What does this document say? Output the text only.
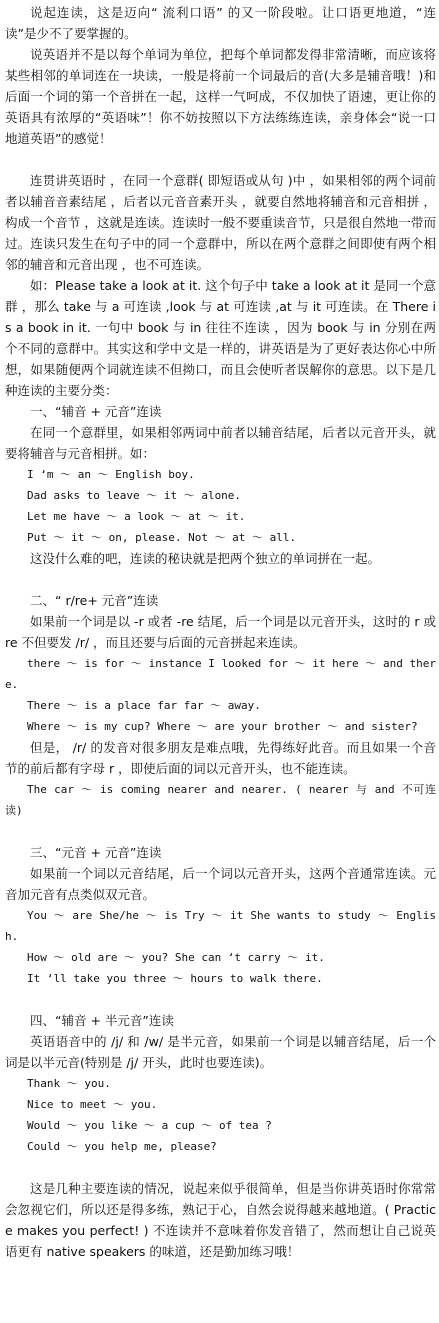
说起连读，这是迈向“ 流利口语” 的又一阶段啦。让口语更地道，“连读”是少不了要掌握的。

说英语并不是以每个单词为单位，把每个单词都发得非常清晰，而应该将某些相邻的单词连在一块读，一般是将前一个词最后的音(大多是辅音哦！)和后面一个词的第一个音拼在一起，这样一气呵成，不仅加快了语速，更让你的英语具有浓厚的“英语味”！你不妨按照以下方法练练连读，亲身体会“说一口地道英语”的感觉！

连贯讲英语时 ，在同一个意群( 即短语或从句 )中 ，如果相邻的两个词前者以辅音音素结尾 ，后者以元音音素开头 ，就要自然地将辅音和元音相拼 ，构成一个音节 ，这就是连读。连读时一般不要重读音节，只是很自然地一带而过。连读只发生在句子中的同一个意群中，所以在两个意群之间即使有两个相邻的辅音和元音出现 ，也不可连读。

如：Please take a look at it. 这个句子中 take a look at it 是同一个意群 ，那么 take 与 a 可连读 ,look 与 at 可连读 ,at 与 it 可连读。在 There is a book in it. 一句中 book 与 in 往往不连读 ，因为 book 与 in 分别在两个不同的意群中。其实这和学中文是一样的，讲英语是为了更好表达你心中所想，如果随便两个词就连读不但拗口，而且会使听者误解你的意思。以下是几种连读的主要分类：

一、“辅音 + 元音”连读

在同一个意群里，如果相邻两词中前者以辅音结尾，后者以元音开头，就要将辅音与元音相拼。如：

I ‘m ～ an ～ English boy.

Dad asks to leave ～ it ～ alone.

Let me have ～ a look ～ at ～ it.

Put ～ it ～ on, please. Not ～ at ～ all.

这没什么难的吧，连读的秘诀就是把两个独立的单词拼在一起。

二、“ r/re+ 元音”连读

如果前一个词是以 -r 或者 -re 结尾，后一个词是以元音开头，这时的 r 或 re 不但要发 /r/ ，而且还要与后面的元音拼起来连读。

there ～ is for ～ instance I looked for ～ it here ～ and there.

There ～ is a place far far ～ away.

Where ～ is my cup? Where ～ are your brother ～ and sister?

但是， /r/ 的发音对很多朋友是难点哦，先得练好此音。而且如果一个音节的前后都有字母 r ，即使后面的词以元音开头，也不能连读。

The car ～ is coming nearer and nearer. ( nearer 与 and 不可连读)

三、“元音 + 元音”连读

如果前一个词以元音结尾，后一个词以元音开头，这两个音通常连读。元音加元音有点类似双元音。

You ～ are She/he ～ is Try ～ it She wants to study ～ English.

How ～ old are ～ you? She can ‘t carry ～ it.

It ‘ll take you three ～ hours to walk there.

四、“辅音 + 半元音”连读

英语语音中的 /j/ 和 /w/ 是半元音，如果前一个词是以辅音结尾，后一个词是以半元音(特别是 /j/ 开头，此时也要连读)。

Thank ～ you.

Nice to meet ～ you.

Would ～ you like ～ a cup ～ of tea ?

Could ～ you help me, please?

这是几种主要连读的情况，说起来似乎很简单，但是当你讲英语时你常常会忽视它们，所以还是得多练，熟记于心，自然会说得越来越地道。( Practice makes you perfect! ) 不连读并不意味着你发音错了，然而想让自己说英语更有 native speakers 的味道，还是勤加练习哦！
